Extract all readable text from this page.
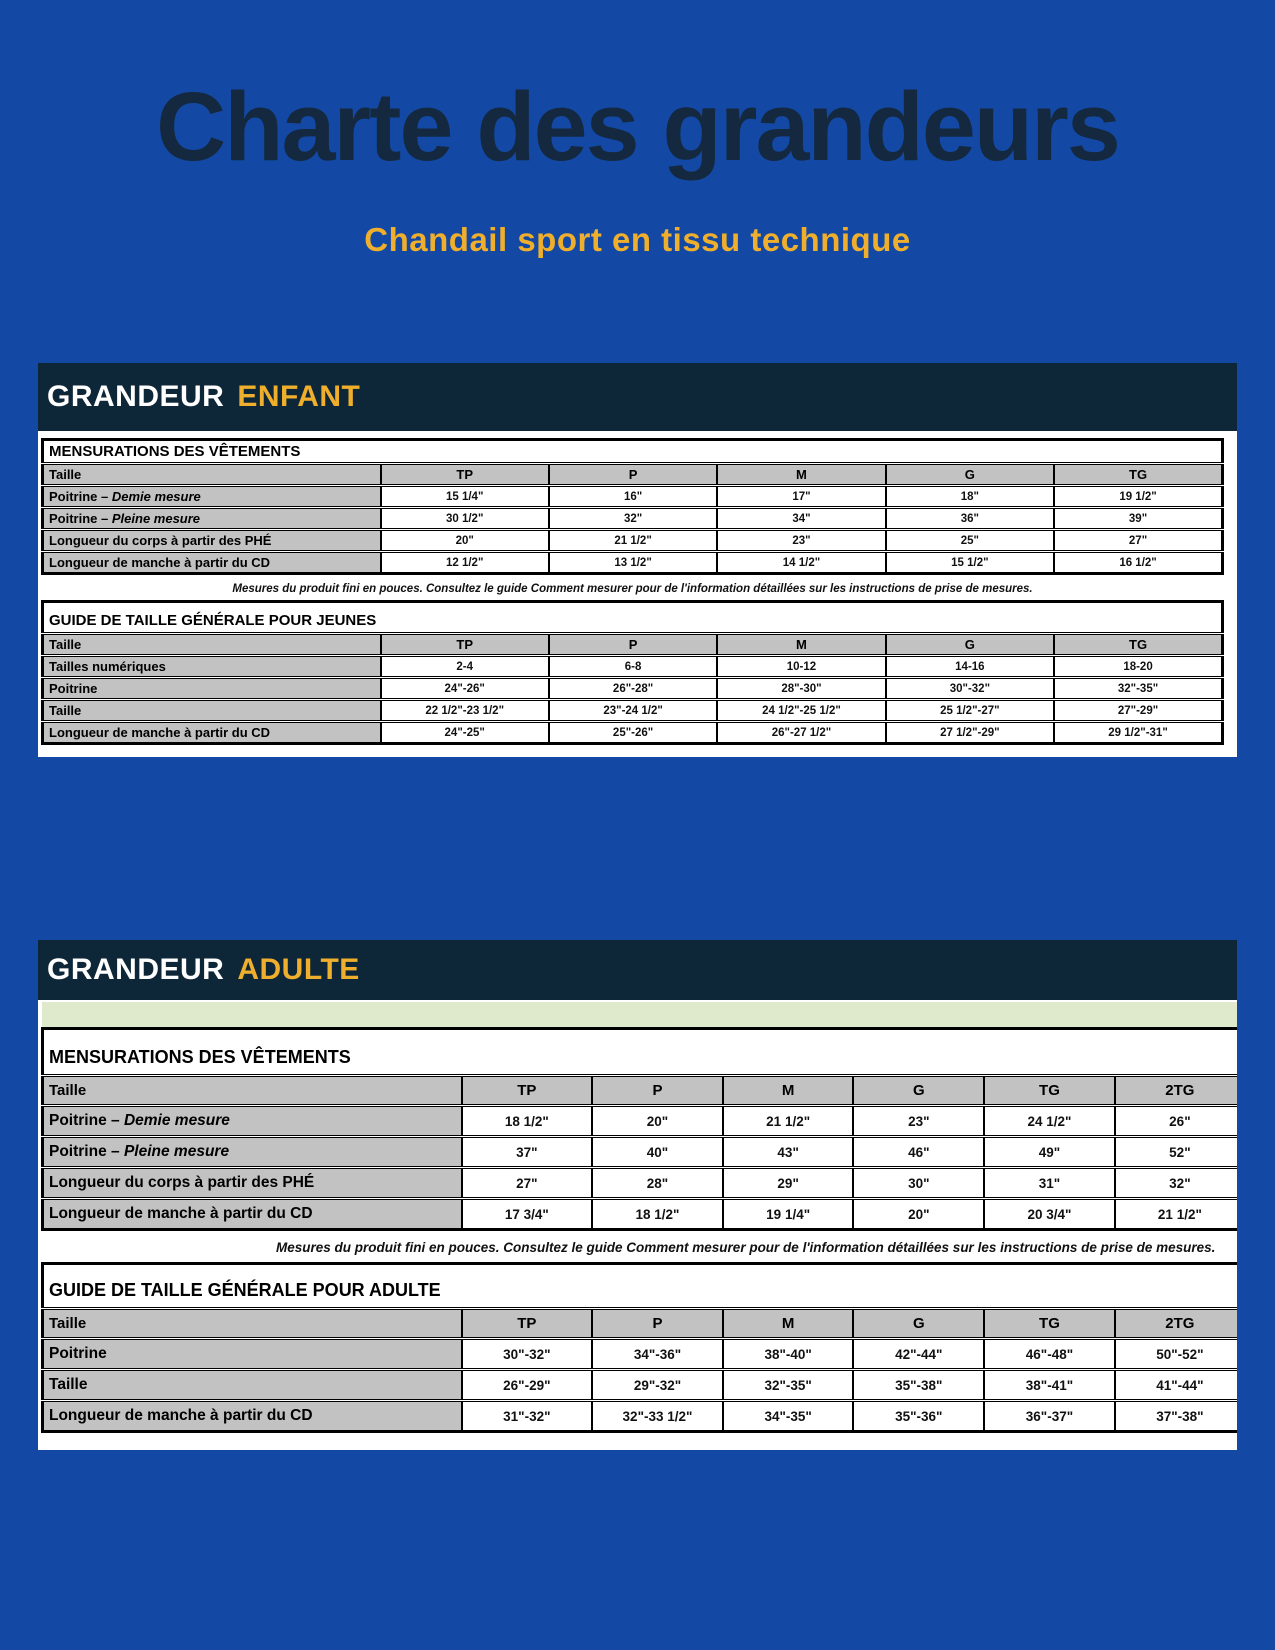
Charte des grandeurs
Chandail sport en tissu technique
GRANDEUR ENFANT
MENSURATIONS DES VÊTEMENTS					
Taille	TP	P	M	G	TG
Poitrine – Demie mesure	15 1/4"	16"	17"	18"	19 1/2"
Poitrine – Pleine mesure	30 1/2"	32"	34"	36"	39"
Longueur du corps à partir des PHÉ	20"	21 1/2"	23"	25"	27"
Longueur de manche à partir du CD	12 1/2"	13 1/2"	14 1/2"	15 1/2"	16 1/2"
Mesures du produit fini en pouces. Consultez le guide Comment mesurer pour de l'information détaillées sur les instructions de prise de mesures.
GUIDE DE TAILLE GÉNÉRALE POUR JEUNES					
Taille	TP	P	M	G	TG
Tailles numériques	2-4	6-8	10-12	14-16	18-20
Poitrine	24"-26"	26"-28"	28"-30"	30"-32"	32"-35"
Taille	22 1/2"-23 1/2"	23"-24 1/2"	24 1/2"-25 1/2"	25 1/2"-27"	27"-29"
Longueur de manche à partir du CD	24"-25"	25"-26"	26"-27 1/2"	27 1/2"-29"	29 1/2"-31"
GRANDEUR ADULTE
MENSURATIONS DES VÊTEMENTS						
Taille	TP	P	M	G	TG	2TG
Poitrine – Demie mesure	18 1/2"	20"	21 1/2"	23"	24 1/2"	26"
Poitrine – Pleine mesure	37"	40"	43"	46"	49"	52"
Longueur du corps à partir des PHÉ	27"	28"	29"	30"	31"	32"
Longueur de manche à partir du CD	17 3/4"	18 1/2"	19 1/4"	20"	20 3/4"	21 1/2"
Mesures du produit fini en pouces. Consultez le guide Comment mesurer pour de l'information détaillées sur les instructions de prise de mesures.
GUIDE DE TAILLE GÉNÉRALE POUR ADULTE						
Taille	TP	P	M	G	TG	2TG
Poitrine	30"-32"	34"-36"	38"-40"	42"-44"	46"-48"	50"-52"
Taille	26"-29"	29"-32"	32"-35"	35"-38"	38"-41"	41"-44"
Longueur de manche à partir du CD	31"-32"	32"-33 1/2"	34"-35"	35"-36"	36"-37"	37"-38"
